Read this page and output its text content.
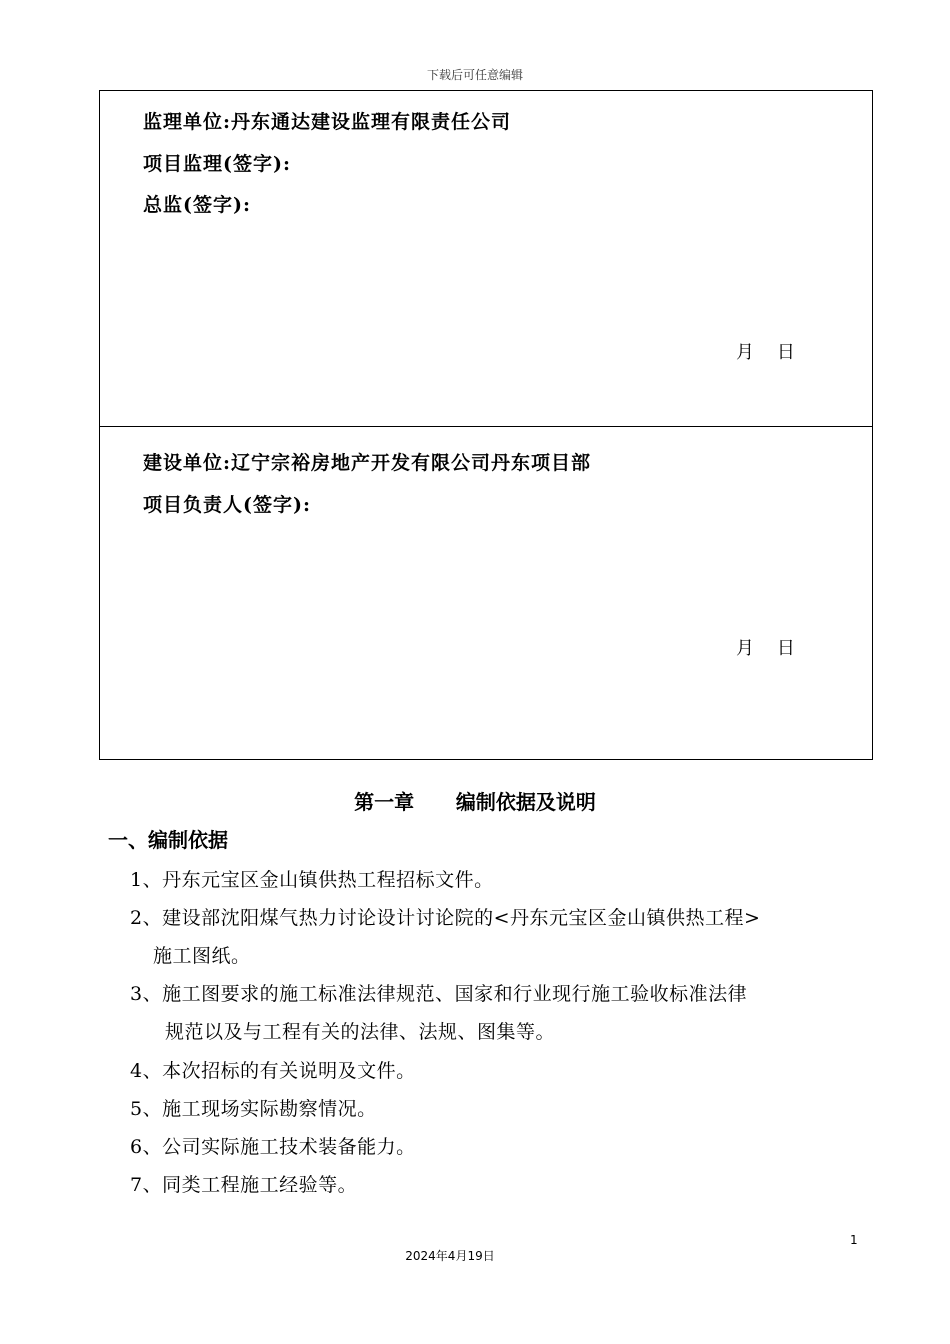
下载后可任意编辑
监理单位:丹东通达建设监理有限责任公司
项目监理(签字):
总监(签字):
月    日
建设单位:辽宁宗裕房地产开发有限公司丹东项目部
项目负责人(签字):
月    日
第一章      编制依据及说明
一、编制依据
1、丹东元宝区金山镇供热工程招标文件。
2、建设部沈阳煤气热力讨论设计讨论院的<丹东元宝区金山镇供热工程>
施工图纸。
3、施工图要求的施工标准法律规范、国家和行业现行施工验收标准法律
规范以及与工程有关的法律、法规、图集等。
4、本次招标的有关说明及文件。
5、施工现场实际勘察情况。
6、公司实际施工技术装备能力。
7、同类工程施工经验等。
1
2024年4月19日
